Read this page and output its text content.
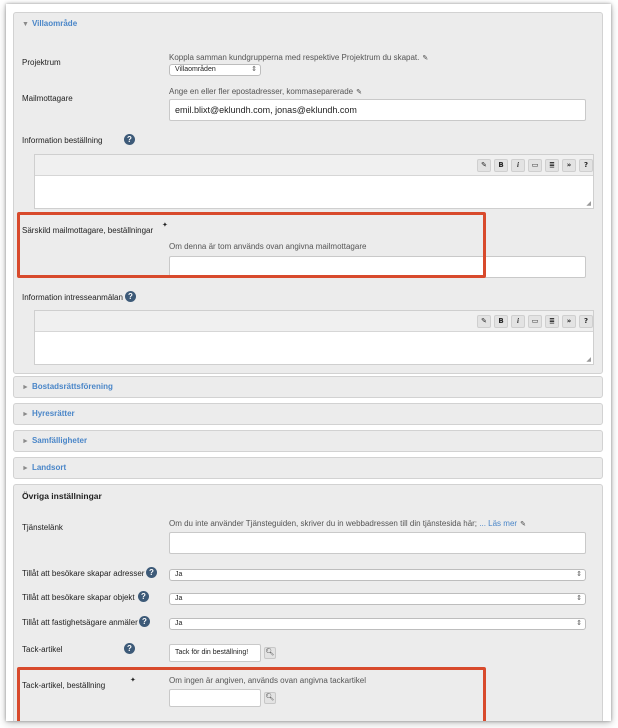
▼ Villaområde
Projektrum
Koppla samman kundgrupperna med respektive Projektrum du skapat. ✎
Villaområden	⇕
Mailmottagare
Ange en eller fler epostadresser, kommaseparerade ✎
emil.blixt@eklundh.com, jonas@eklundh.com
Information beställning	?
✎	B	i	▭	≣	»	?
◢
Särskild mailmottagare, beställningar
✦
Om denna är tom används ovan angivna mailmottagare
Information intresseanmälan ?
✎	B	i	▭	≣	»	?
◢
► Bostadsrättsförening
► Hyresrätter
► Samfälligheter
► Landsort
Övriga inställningar
Tjänstelänk	Om du inte använder Tjänsteguiden, skriver du in webbadressen till din tjänstesida här; ... Läs mer ✎
Tillåt att besökare skapar adresser ?	Ja	⇕
Tillåt att besökare skapar objekt ?	Ja	⇕
Tillåt att fastighetsägare anmäler ?	Ja	⇕
Tack-artikel	?	Tack för din beställning!	🔍︎
Tack-artikel, beställning
✦	Om ingen är angiven, används ovan angivna tackartikel
🔍︎
